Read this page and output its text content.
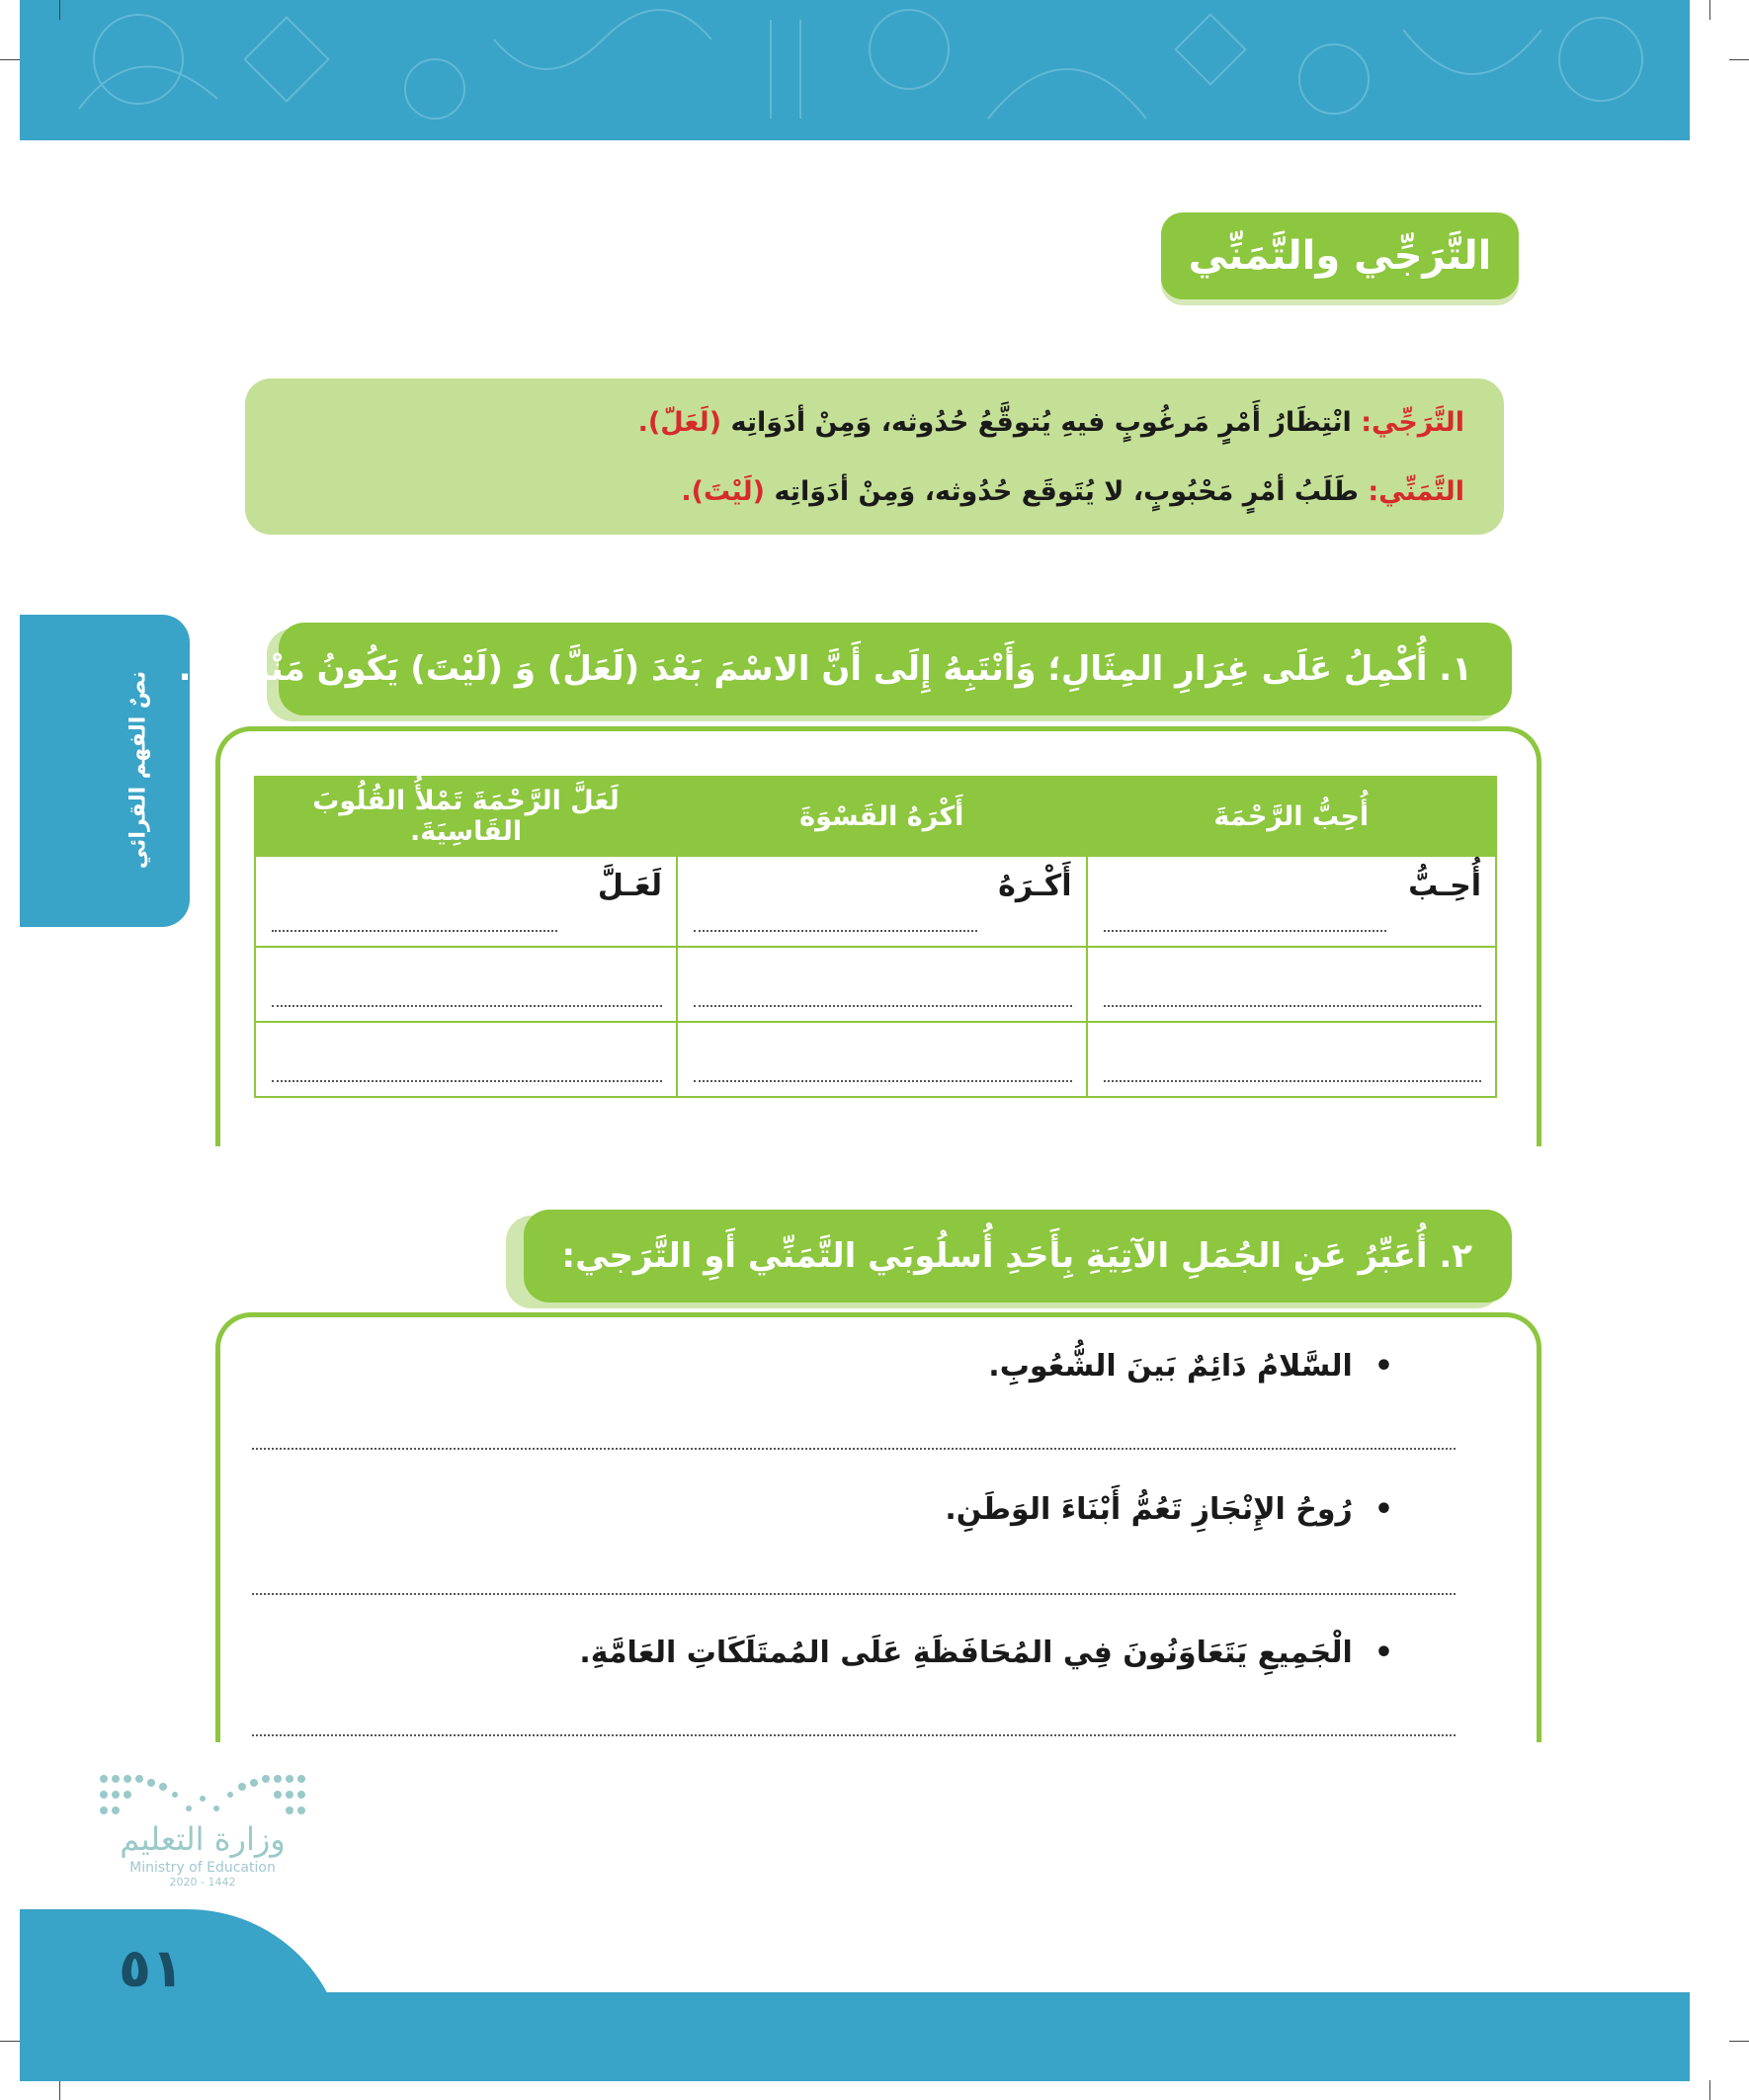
التَّرَجِّي والتَّمَنِّي
التَّرَجِّي: انْتِظَارُ أَمْرٍ مَرغُوبٍ فيهِ يُتوقَّعُ حُدُوثه، وَمِنْ أدَوَاتِه (لَعَلّ).
التَّمَنِّي: طَلَبُ أمْرٍ مَحْبُوبٍ، لا يُتَوقَع حُدُوثه، وَمِنْ أدَوَاتِه (لَيْتَ).
نصٌ الفهم القرائي
١. أُكْمِلُ عَلَى غِرَارِ المِثَالِ؛ وَأَنْتَبِهُ إِلَى أَنَّ الاسْمَ بَعْدَ (لَعَلَّ) وَ (لَيْتَ) يَكُونُ مَنْصُوبًا.
أُحِبُّ الرَّحْمَةَ	أَكْرَهُ القَسْوَةَ	لَعَلَّ الرَّحْمَةَ تَمْلأُ القُلُوبَ القَاسِيَةَ.

أُحِـبُّ	أَكْـرَهُ	لَعَـلَّ

٢. أُعَبِّرُ عَنِ الجُمَلِ الآتِيَةِ بِأَحَدِ أُسلُوبَي التَّمَنِّي أَوِ التَّرَجي:
• السَّلامُ دَائِمٌ بَينَ الشُّعُوبِ.
• رُوحُ الإِنْجَازِ تَعُمُّ أَبْنَاءَ الوَطَنِ.
• الْجَمِيعِ يَتَعَاوَنُونَ فِي المُحَافَظَةِ عَلَى المُمتَلَكَاتِ العَامَّةِ.
وزارة التعليم
Ministry of Education
2020 - 1442
٥١
